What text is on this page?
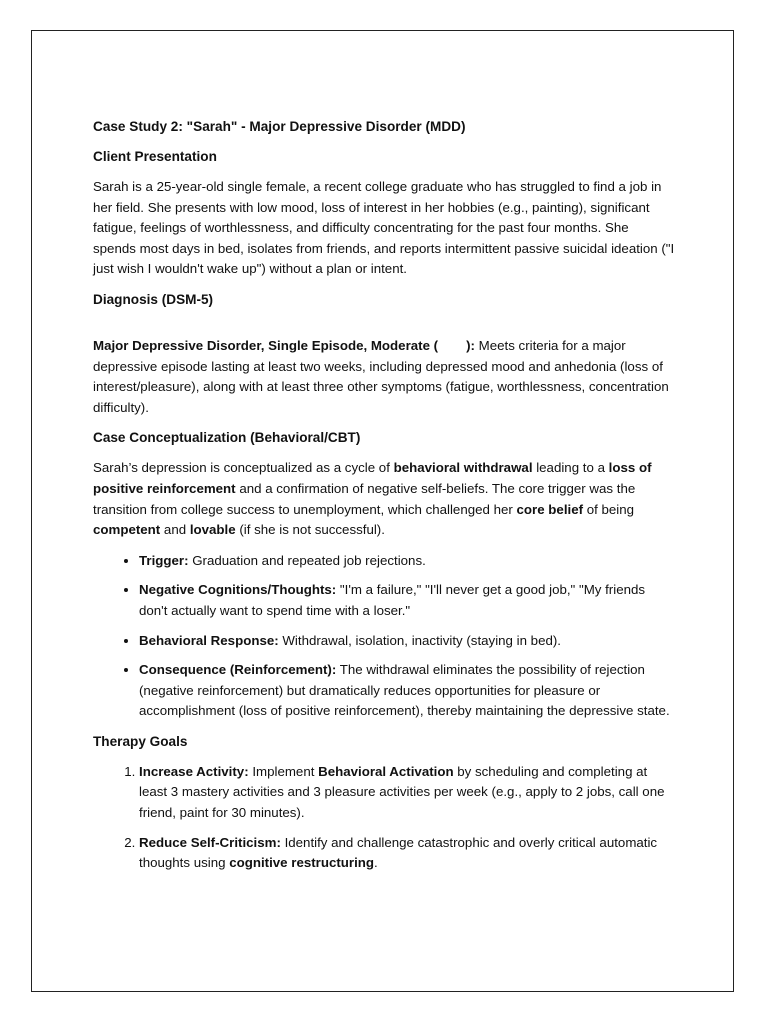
Case Study 2: "Sarah" - Major Depressive Disorder (MDD)
Client Presentation
Sarah is a 25-year-old single female, a recent college graduate who has struggled to find a job in her field. She presents with low mood, loss of interest in her hobbies (e.g., painting), significant fatigue, feelings of worthlessness, and difficulty concentrating for the past four months. She spends most days in bed, isolates from friends, and reports intermittent passive suicidal ideation ("I just wish I wouldn't wake up") without a plan or intent.
Diagnosis (DSM-5)
Major Depressive Disorder, Single Episode, Moderate ( ): Meets criteria for a major depressive episode lasting at least two weeks, including depressed mood and anhedonia (loss of interest/pleasure), along with at least three other symptoms (fatigue, worthlessness, concentration difficulty).
Case Conceptualization (Behavioral/CBT)
Sarah’s depression is conceptualized as a cycle of behavioral withdrawal leading to a loss of positive reinforcement and a confirmation of negative self-beliefs. The core trigger was the transition from college success to unemployment, which challenged her core belief of being competent and lovable (if she is not successful).
• Trigger: Graduation and repeated job rejections.
• Negative Cognitions/Thoughts: "I'm a failure," "I'll never get a good job," "My friends don't actually want to spend time with a loser."
• Behavioral Response: Withdrawal, isolation, inactivity (staying in bed).
• Consequence (Reinforcement): The withdrawal eliminates the possibility of rejection (negative reinforcement) but dramatically reduces opportunities for pleasure or accomplishment (loss of positive reinforcement), thereby maintaining the depressive state.
Therapy Goals
1. Increase Activity: Implement Behavioral Activation by scheduling and completing at least 3 mastery activities and 3 pleasure activities per week (e.g., apply to 2 jobs, call one friend, paint for 30 minutes).
2. Reduce Self-Criticism: Identify and challenge catastrophic and overly critical automatic thoughts using cognitive restructuring.
